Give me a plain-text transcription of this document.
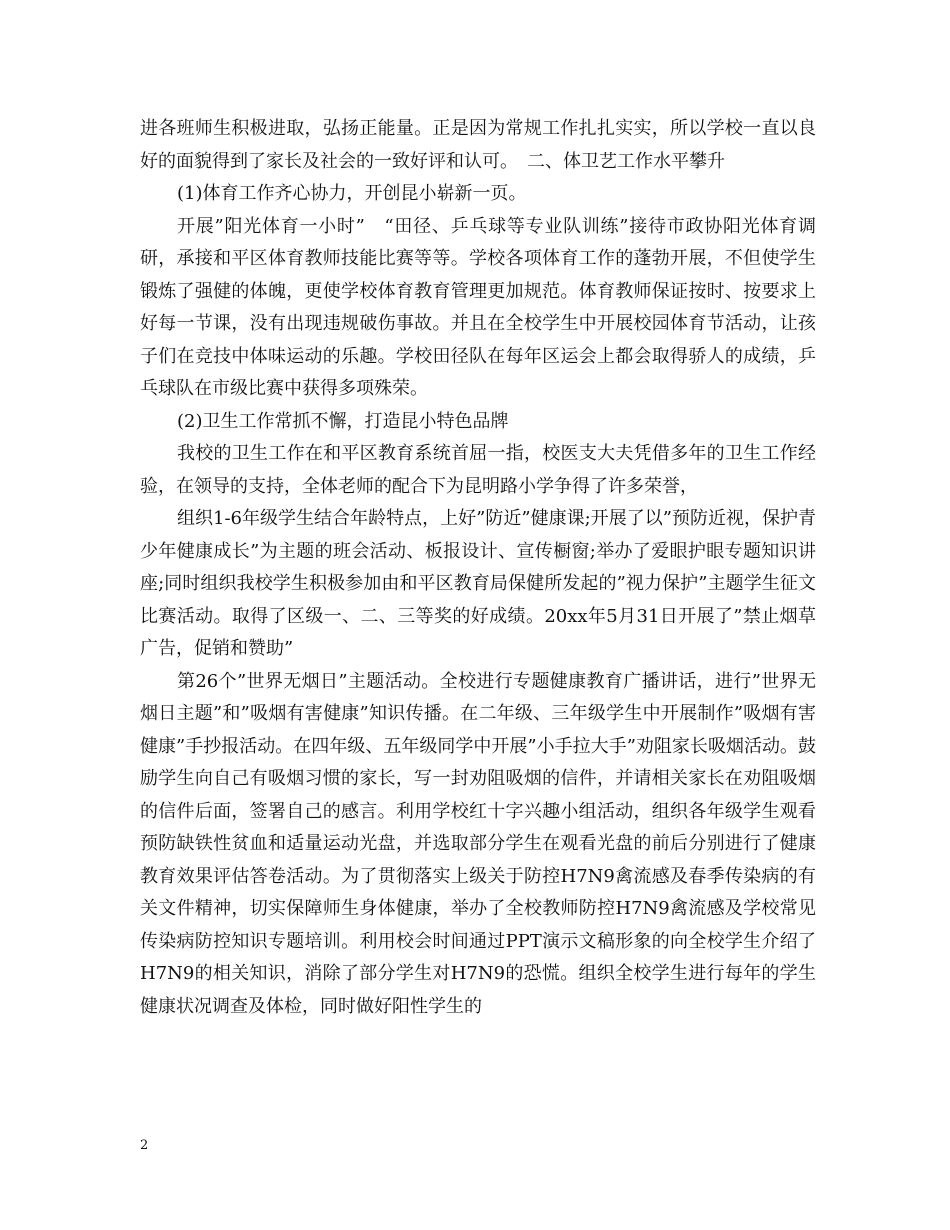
进各班师生积极进取，弘扬正能量。正是因为常规工作扎扎实实，所以学校一直以良好的面貌得到了家长及社会的一致好评和认可。　二、体卫艺工作水平攀升

(1)体育工作齐心协力，开创昆小崭新一页。

开展”阳光体育一小时”　“田径、乒乓球等专业队训练”接待市政协阳光体育调研，承接和平区体育教师技能比赛等等。学校各项体育工作的蓬勃开展，不但使学生锻炼了强健的体魄，更使学校体育教育管理更加规范。体育教师保证按时、按要求上好每一节课，没有出现违规破伤事故。并且在全校学生中开展校园体育节活动，让孩子们在竞技中体味运动的乐趣。学校田径队在每年区运会上都会取得骄人的成绩，乒乓球队在市级比赛中获得多项殊荣。

(2)卫生工作常抓不懈，打造昆小特色品牌

我校的卫生工作在和平区教育系统首屈一指，校医支大夫凭借多年的卫生工作经验，在领导的支持，全体老师的配合下为昆明路小学争得了许多荣誉，

组织1-6年级学生结合年龄特点，上好”防近”健康课;开展了以”预防近视，保护青少年健康成长”为主题的班会活动、板报设计、宣传橱窗;举办了爱眼护眼专题知识讲座;同时组织我校学生积极参加由和平区教育局保健所发起的”视力保护”主题学生征文比赛活动。取得了区级一、二、三等奖的好成绩。20xx年5月31日开展了”禁止烟草广告，促销和赞助”

第26个”世界无烟日”主题活动。全校进行专题健康教育广播讲话，进行”世界无烟日主题”和”吸烟有害健康”知识传播。在二年级、三年级学生中开展制作”吸烟有害健康”手抄报活动。在四年级、五年级同学中开展”小手拉大手”劝阻家长吸烟活动。鼓励学生向自己有吸烟习惯的家长，写一封劝阻吸烟的信件，并请相关家长在劝阻吸烟的信件后面，签署自己的感言。利用学校红十字兴趣小组活动，组织各年级学生观看预防缺铁性贫血和适量运动光盘，并选取部分学生在观看光盘的前后分别进行了健康教育效果评估答卷活动。为了贯彻落实上级关于防控H7N9禽流感及春季传染病的有关文件精神，切实保障师生身体健康，举办了全校教师防控H7N9禽流感及学校常见传染病防控知识专题培训。利用校会时间通过PPT演示文稿形象的向全校学生介绍了H7N9的相关知识，消除了部分学生对H7N9的恐慌。组织全校学生进行每年的学生健康状况调查及体检，同时做好阳性学生的

2
